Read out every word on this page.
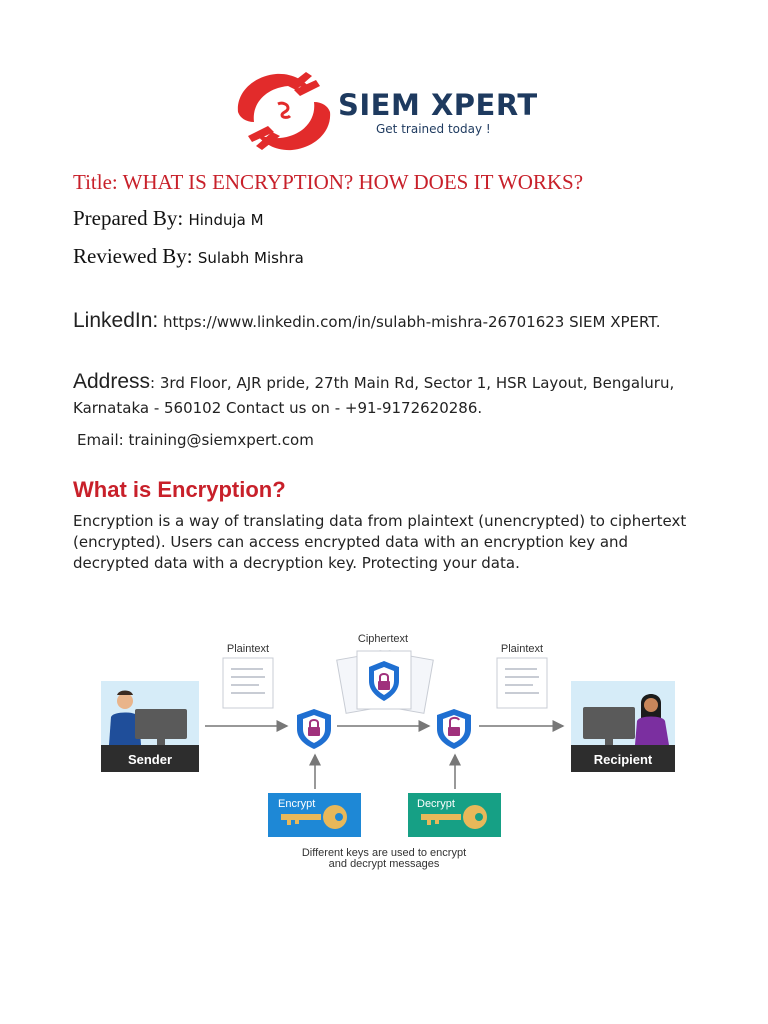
SIEM XPERT
Get trained today !
Title: WHAT IS ENCRYPTION? HOW DOES IT WORKS?
Prepared By: Hinduja M
Reviewed By: Sulabh Mishra
LinkedIn: https://www.linkedin.com/in/sulabh-mishra-26701623 SIEM XPERT.
Address: 3rd Floor, AJR pride, 27th Main Rd, Sector 1, HSR Layout, Bengaluru, Karnataka - 560102 Contact us on - +91-9172620286.
Email: training@siemxpert.com
What is Encryption?
Encryption is a way of translating data from plaintext (unencrypted) to ciphertext (encrypted). Users can access encrypted data with an encryption key and decrypted data with a decryption key. Protecting your data.
Sender	Recipient
Plaintext
Ciphertext
Plaintext
Encrypt	Decrypt
Different keys are used to encrypt
and decrypt messages
